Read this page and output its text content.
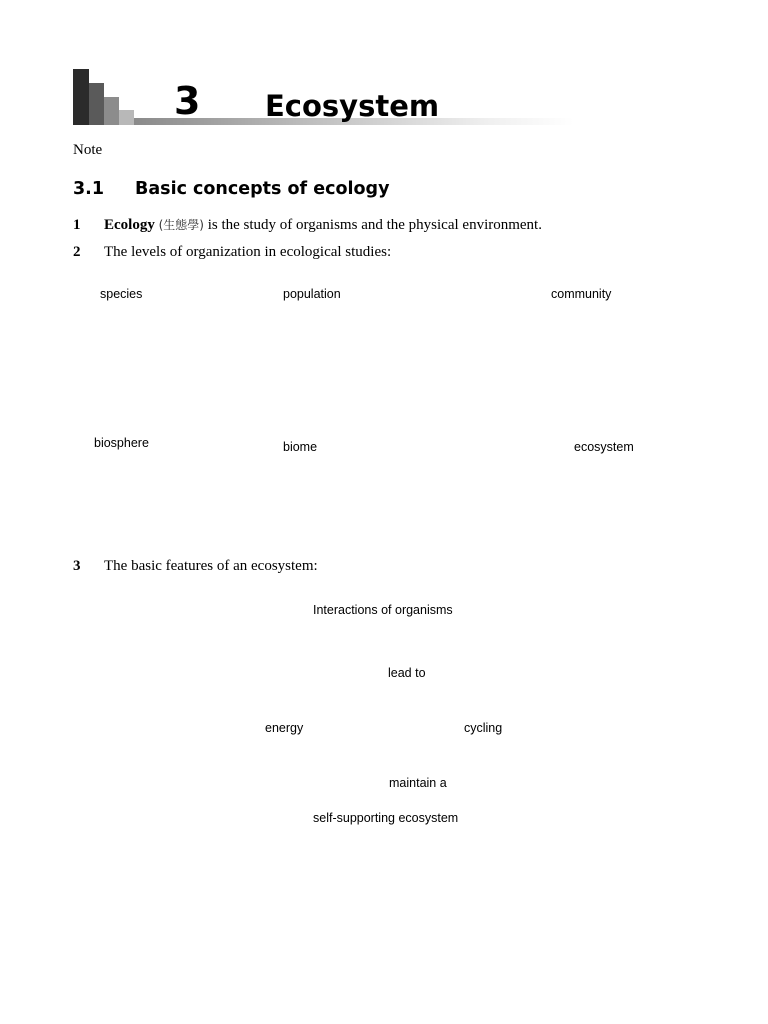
3 Ecosystem
Note
3.1 Basic concepts of ecology
1 Ecology (生態學) is the study of organisms and the physical environment.
2 The levels of organization in ecological studies:
species	population	community
biosphere	biome	ecosystem
3 The basic features of an ecosystem:
Interactions of organisms
lead to
energy	cycling
maintain a
self-supporting ecosystem
